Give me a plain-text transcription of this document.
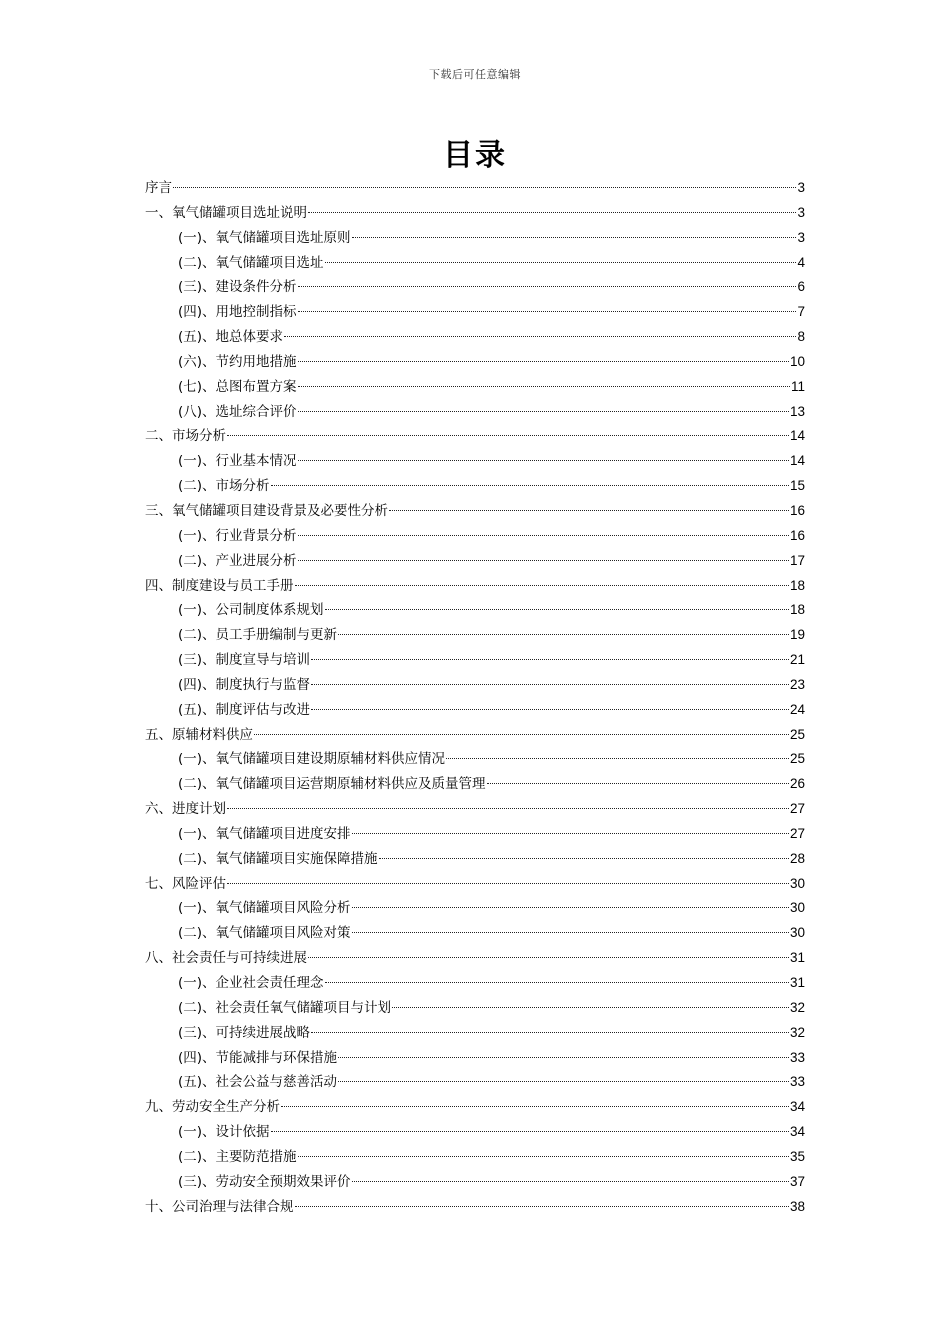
下载后可任意编辑
目录
序言	3
一、氧气储罐项目选址说明	3
(一)、氧气储罐项目选址原则	3
(二)、氧气储罐项目选址	4
(三)、建设条件分析	6
(四)、用地控制指标	7
(五)、地总体要求	8
(六)、节约用地措施	10
(七)、总图布置方案	11
(八)、选址综合评价	13
二、市场分析	14
(一)、行业基本情况	14
(二)、市场分析	15
三、氧气储罐项目建设背景及必要性分析	16
(一)、行业背景分析	16
(二)、产业进展分析	17
四、制度建设与员工手册	18
(一)、公司制度体系规划	18
(二)、员工手册编制与更新	19
(三)、制度宣导与培训	21
(四)、制度执行与监督	23
(五)、制度评估与改进	24
五、原辅材料供应	25
(一)、氧气储罐项目建设期原辅材料供应情况	25
(二)、氧气储罐项目运营期原辅材料供应及质量管理	26
六、进度计划	27
(一)、氧气储罐项目进度安排	27
(二)、氧气储罐项目实施保障措施	28
七、风险评估	30
(一)、氧气储罐项目风险分析	30
(二)、氧气储罐项目风险对策	30
八、社会责任与可持续进展	31
(一)、企业社会责任理念	31
(二)、社会责任氧气储罐项目与计划	32
(三)、可持续进展战略	32
(四)、节能减排与环保措施	33
(五)、社会公益与慈善活动	33
九、劳动安全生产分析	34
(一)、设计依据	34
(二)、主要防范措施	35
(三)、劳动安全预期效果评价	37
十、公司治理与法律合规	38
